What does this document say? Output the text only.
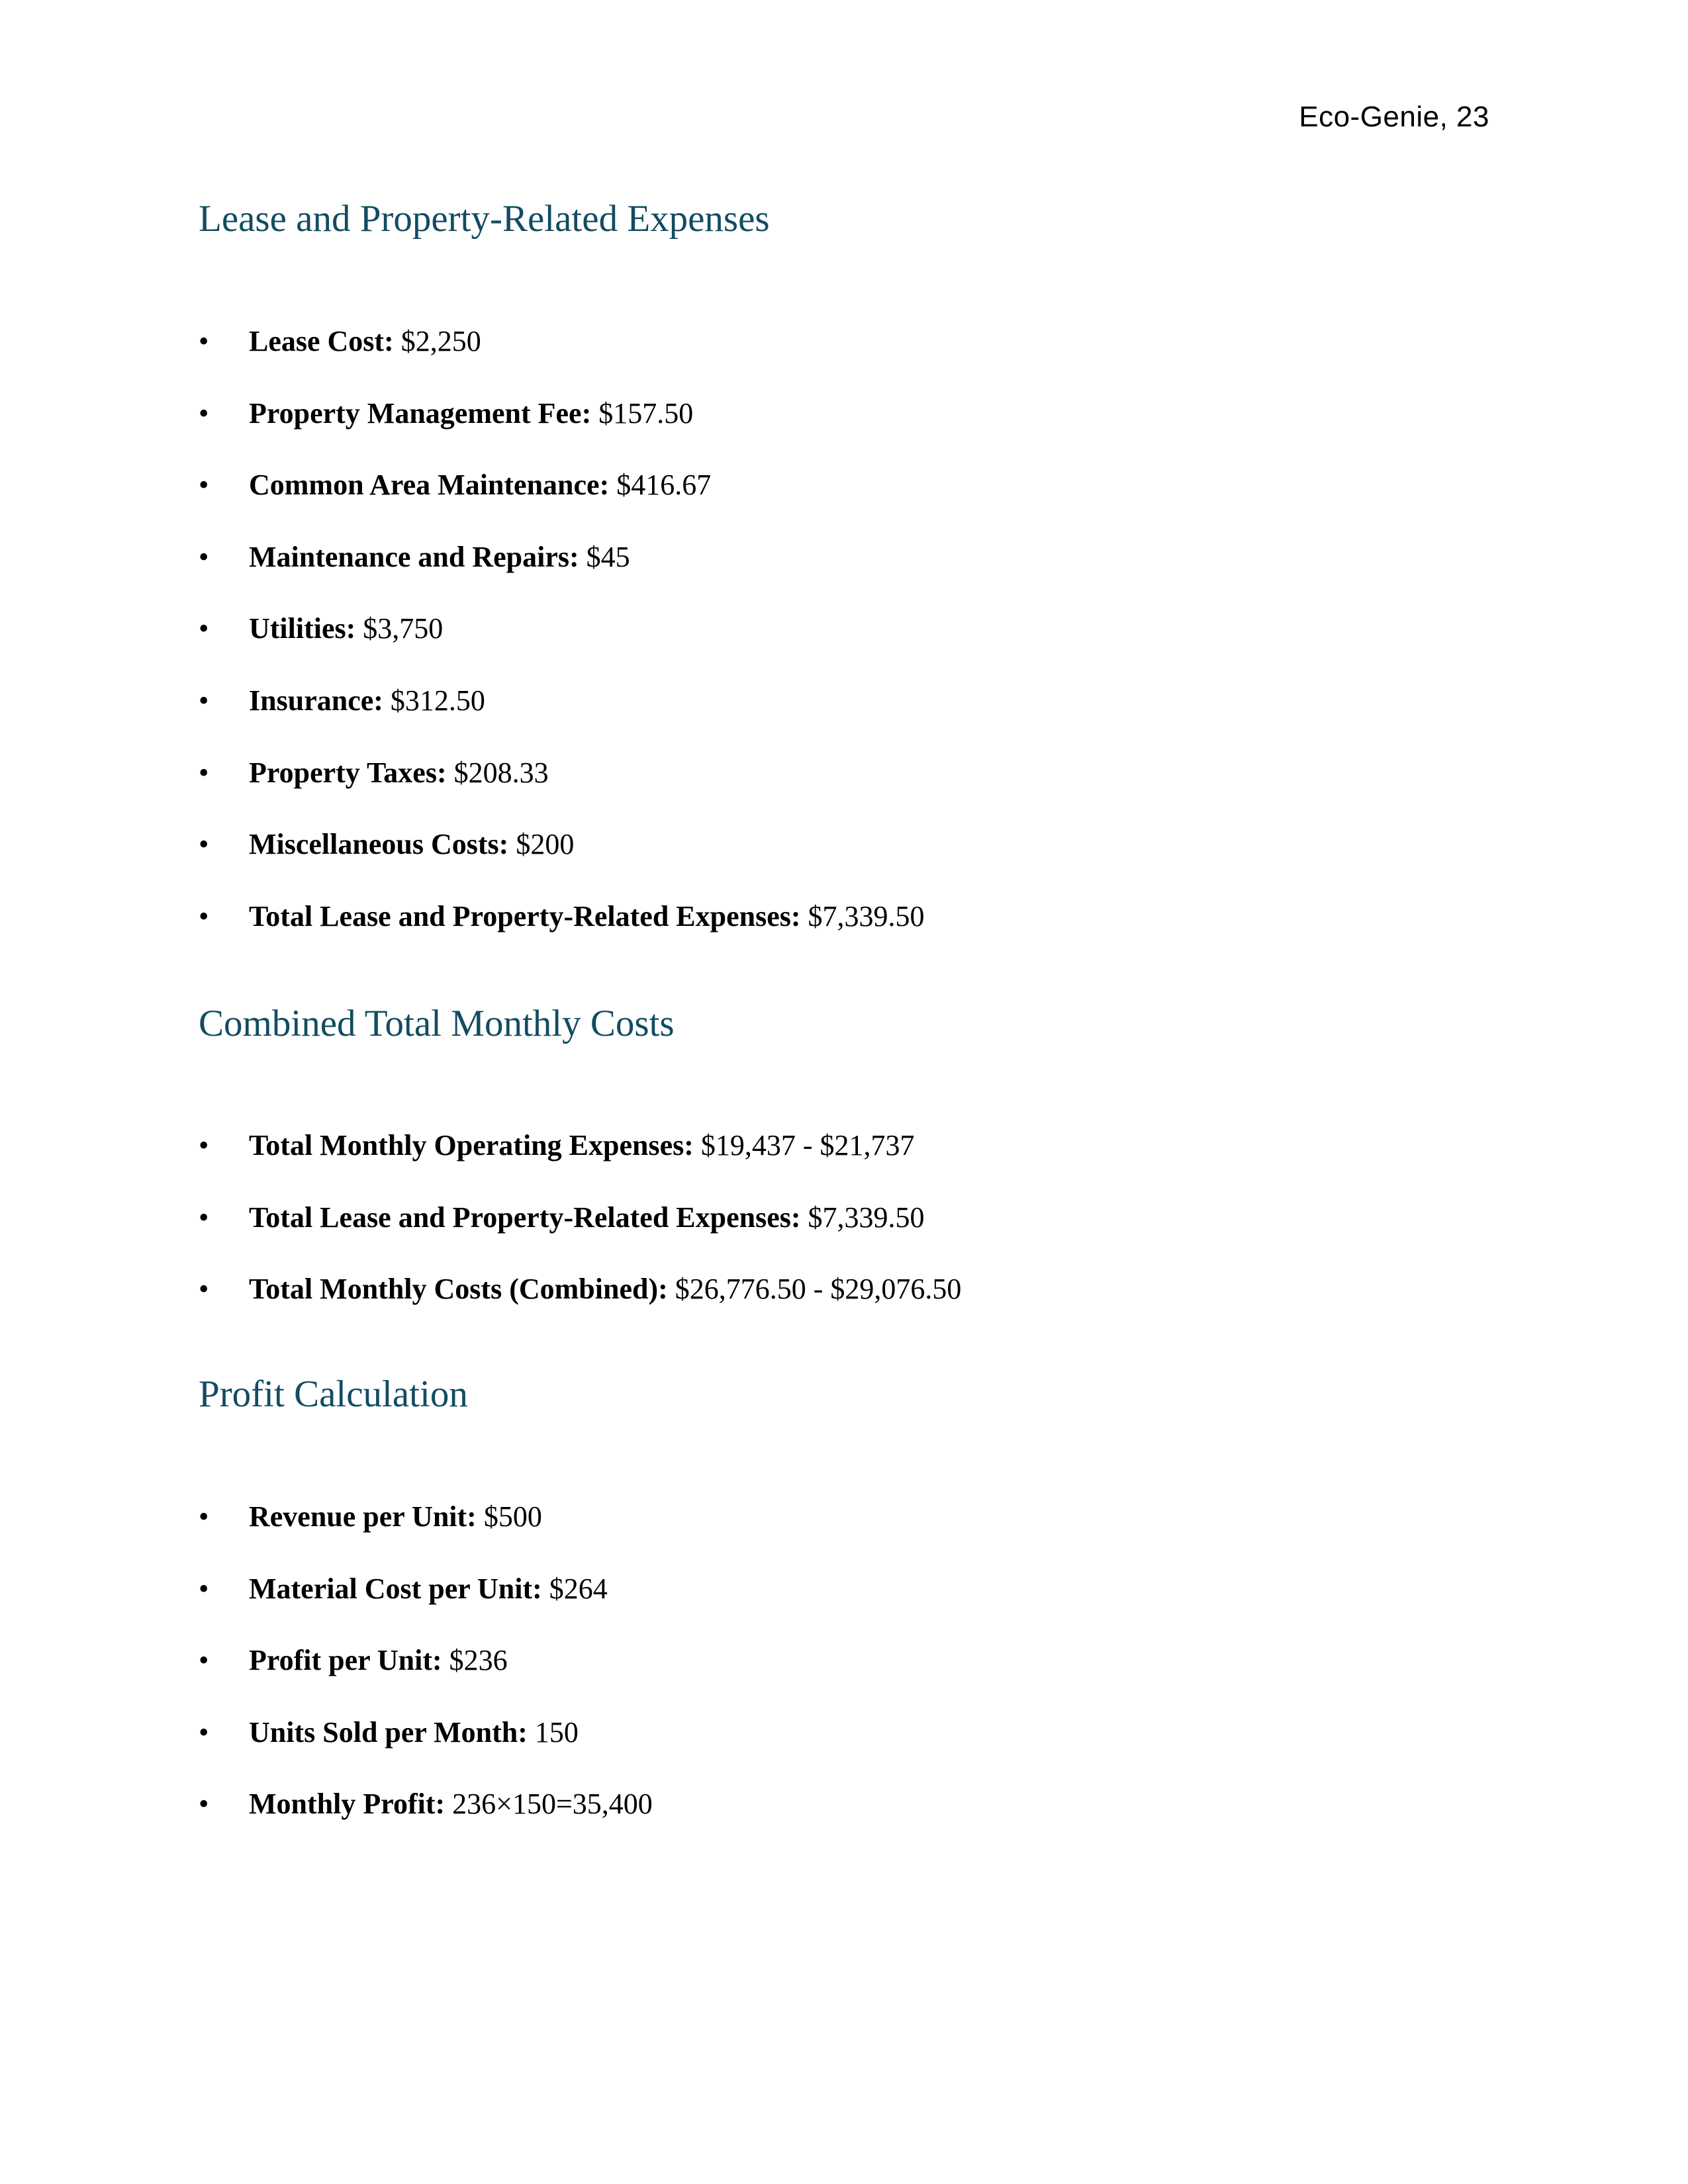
Eco-Genie, 23
Lease and Property-Related Expenses
•	Lease Cost: $2,250
•	Property Management Fee: $157.50
•	Common Area Maintenance: $416.67
•	Maintenance and Repairs: $45
•	Utilities: $3,750
•	Insurance: $312.50
•	Property Taxes: $208.33
•	Miscellaneous Costs: $200
•	Total Lease and Property-Related Expenses: $7,339.50
Combined Total Monthly Costs
•	Total Monthly Operating Expenses: $19,437 - $21,737
•	Total Lease and Property-Related Expenses: $7,339.50
•	Total Monthly Costs (Combined): $26,776.50 - $29,076.50
Profit Calculation
•	Revenue per Unit: $500
•	Material Cost per Unit: $264
•	Profit per Unit: $236
•	Units Sold per Month: 150
•	Monthly Profit: 236×150=35,400
